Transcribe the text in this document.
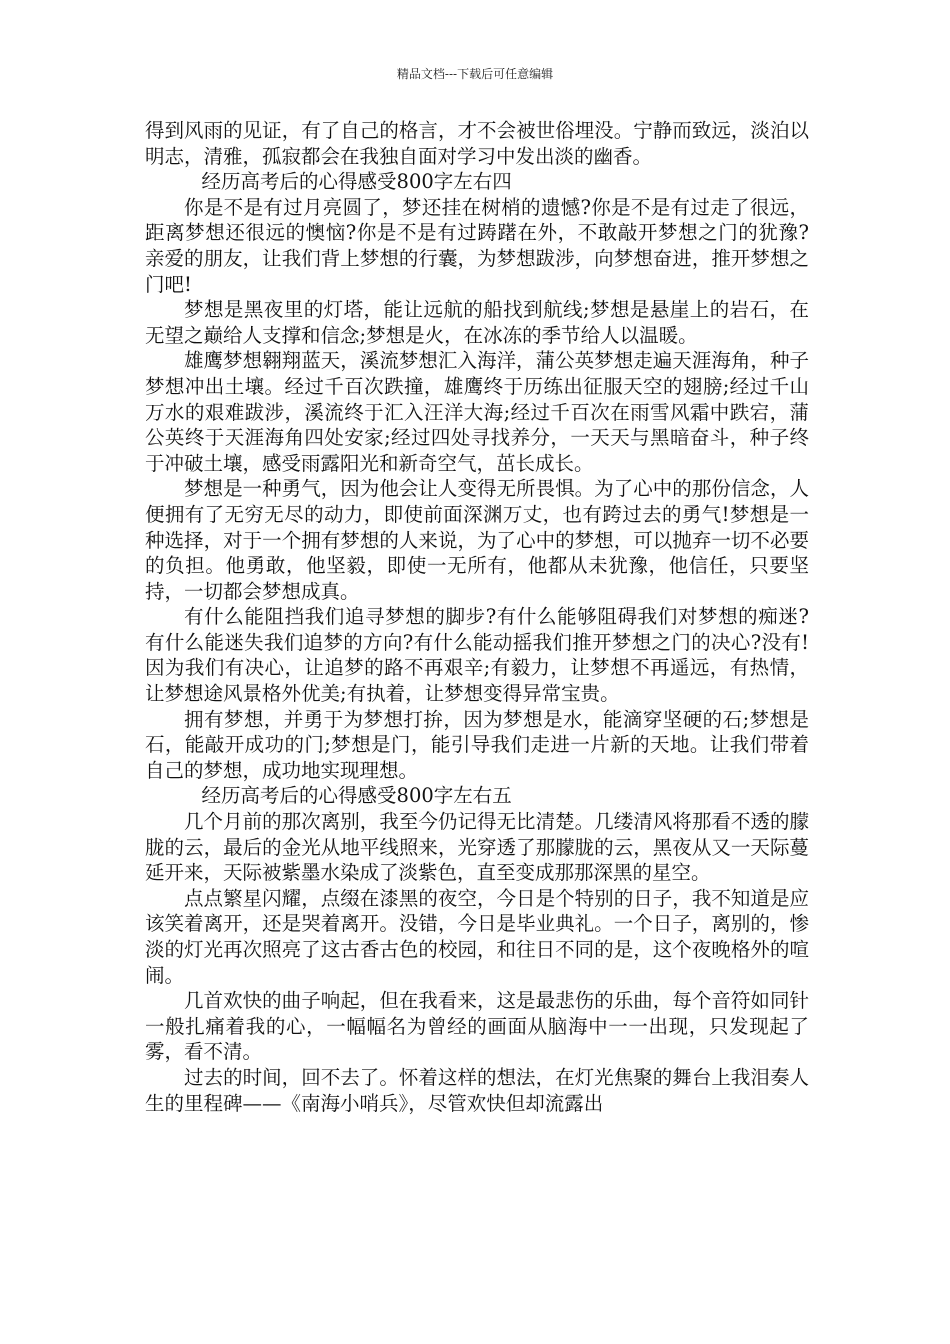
精品文档---下载后可任意编辑

得到风雨的见证，有了自己的格言，才不会被世俗埋没。宁静而致远，淡泊以明志，清雅，孤寂都会在我独自面对学习中发出淡的幽香。

经历高考后的心得感受800字左右四

你是不是有过月亮圆了，梦还挂在树梢的遗憾?你是不是有过走了很远，距离梦想还很远的懊恼?你是不是有过踌躇在外，不敢敲开梦想之门的犹豫?亲爱的朋友，让我们背上梦想的行囊，为梦想跋涉，向梦想奋进，推开梦想之门吧!

梦想是黑夜里的灯塔，能让远航的船找到航线;梦想是悬崖上的岩石，在无望之巅给人支撑和信念;梦想是火，在冰冻的季节给人以温暖。

雄鹰梦想翱翔蓝天，溪流梦想汇入海洋，蒲公英梦想走遍天涯海角，种子梦想冲出土壤。经过千百次跌撞，雄鹰终于历练出征服天空的翅膀;经过千山万水的艰难跋涉，溪流终于汇入汪洋大海;经过千百次在雨雪风霜中跌宕，蒲公英终于天涯海角四处安家;经过四处寻找养分，一天天与黑暗奋斗，种子终于冲破土壤，感受雨露阳光和新奇空气，茁长成长。

梦想是一种勇气，因为他会让人变得无所畏惧。为了心中的那份信念，人便拥有了无穷无尽的动力，即使前面深渊万丈，也有跨过去的勇气!梦想是一种选择，对于一个拥有梦想的人来说，为了心中的梦想，可以抛弃一切不必要的负担。他勇敢，他坚毅，即使一无所有，他都从未犹豫，他信任，只要坚持，一切都会梦想成真。

有什么能阻挡我们追寻梦想的脚步?有什么能够阻碍我们对梦想的痴迷?有什么能迷失我们追梦的方向?有什么能动摇我们推开梦想之门的决心?没有!因为我们有决心，让追梦的路不再艰辛;有毅力，让梦想不再遥远，有热情，让梦想途风景格外优美;有执着，让梦想变得异常宝贵。

拥有梦想，并勇于为梦想打拚，因为梦想是水，能滴穿坚硬的石;梦想是石，能敲开成功的门;梦想是门，能引导我们走进一片新的天地。让我们带着自己的梦想，成功地实现理想。

经历高考后的心得感受800字左右五

几个月前的那次离别，我至今仍记得无比清楚。几缕清风将那看不透的朦胧的云，最后的金光从地平线照来，光穿透了那朦胧的云，黑夜从又一天际蔓延开来，天际被紫墨水染成了淡紫色，直至变成那那深黑的星空。

点点繁星闪耀，点缀在漆黑的夜空，今日是个特别的日子，我不知道是应该笑着离开，还是哭着离开。没错，今日是毕业典礼。一个日子，离别的，惨淡的灯光再次照亮了这古香古色的校园，和往日不同的是，这个夜晚格外的喧闹。

几首欢快的曲子响起，但在我看来，这是最悲伤的乐曲，每个音符如同针一般扎痛着我的心，一幅幅名为曾经的画面从脑海中一一出现，只发现起了雾，看不清。

过去的时间，回不去了。怀着这样的想法，在灯光焦聚的舞台上我泪奏人生的里程碑——《南海小哨兵》，尽管欢快但却流露出
